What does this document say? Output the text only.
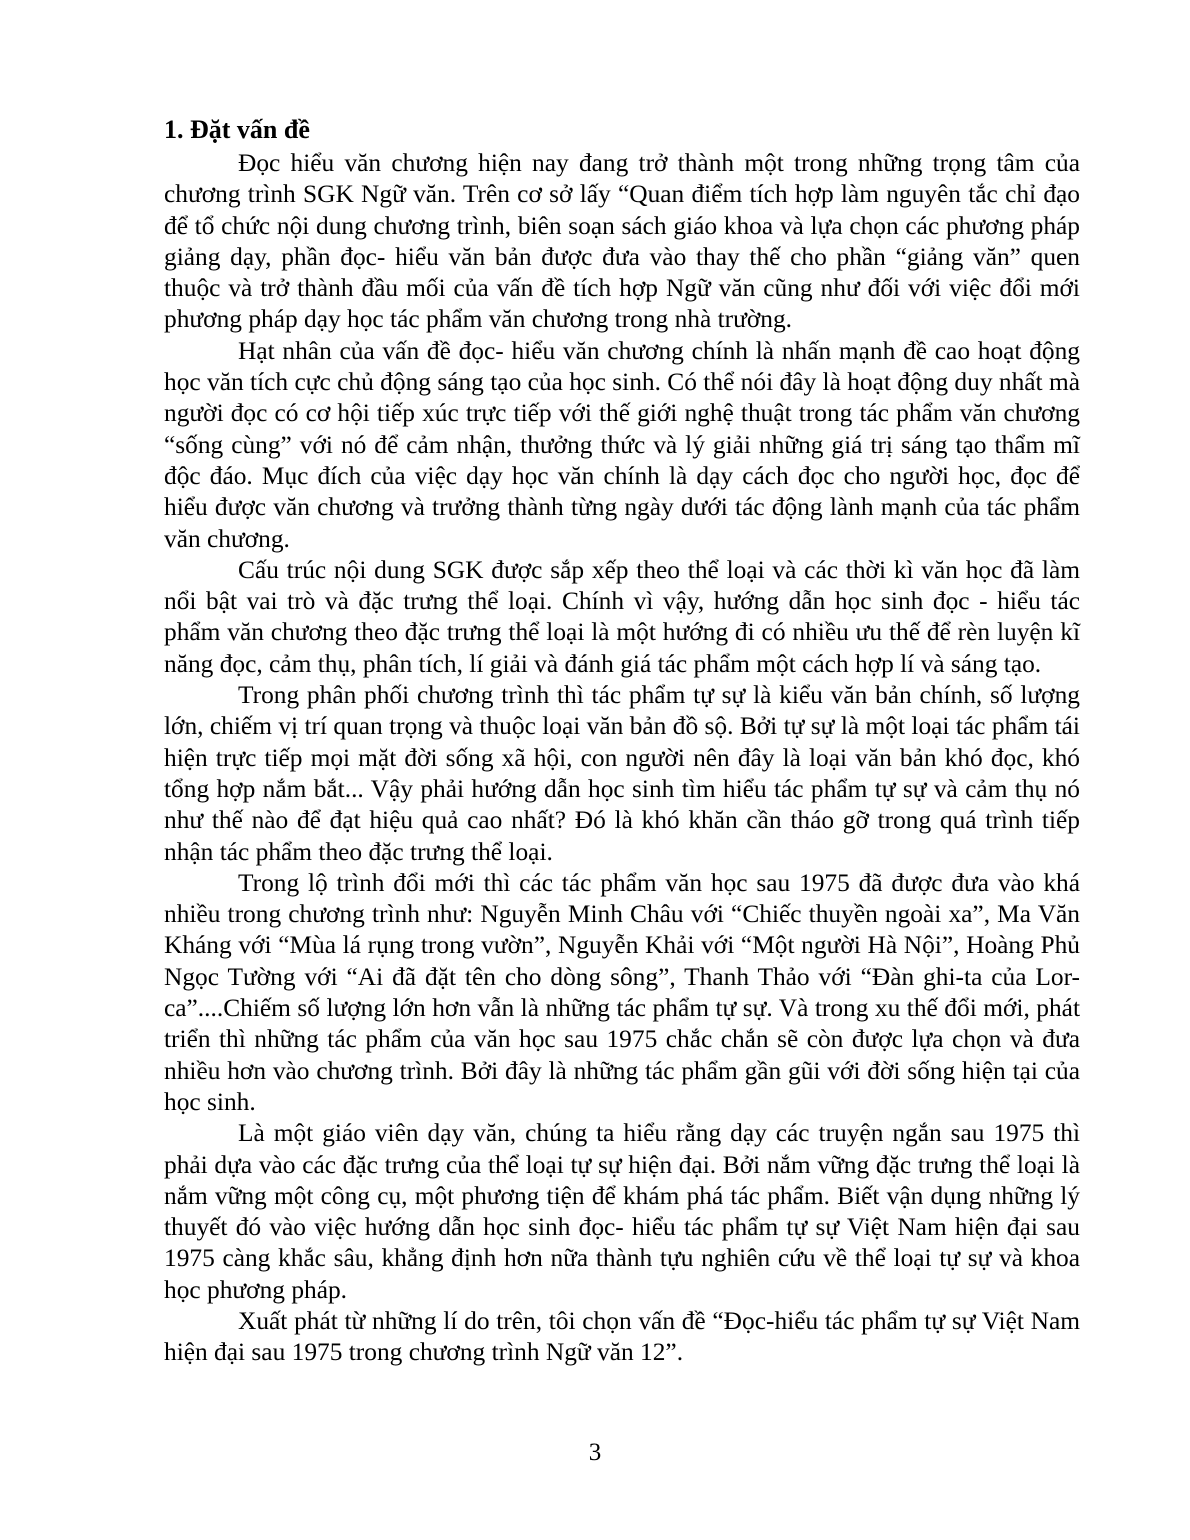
1. Đặt vấn đề

Đọc hiểu văn chương hiện nay đang trở thành một trong những trọng tâm của chương trình SGK Ngữ văn. Trên cơ sở lấy “Quan điểm tích hợp làm nguyên tắc chỉ đạo để tổ chức nội dung chương trình, biên soạn sách giáo khoa và lựa chọn các phương pháp giảng dạy, phần đọc- hiểu văn bản được đưa vào thay thế cho phần “giảng văn” quen thuộc và trở thành đầu mối của vấn đề tích hợp Ngữ văn cũng như đối với việc đổi mới phương pháp dạy học tác phẩm văn chương trong nhà trường.

Hạt nhân của vấn đề đọc- hiểu văn chương chính là nhấn mạnh đề cao hoạt động học văn tích cực chủ động sáng tạo của học sinh. Có thể nói đây là hoạt động duy nhất mà người đọc có cơ hội tiếp xúc trực tiếp với thế giới nghệ thuật trong tác phẩm văn chương “sống cùng” với nó để cảm nhận, thưởng thức và lý giải những giá trị sáng tạo thẩm mĩ độc đáo. Mục đích của việc dạy học văn chính là dạy cách đọc cho người học, đọc để hiểu được văn chương và trưởng thành từng ngày dưới tác động lành mạnh của tác phẩm văn chương.

Cấu trúc nội dung SGK được sắp xếp theo thể loại và các thời kì văn học đã làm nổi bật vai trò và đặc trưng thể loại. Chính vì vậy, hướng dẫn học sinh đọc - hiểu tác phẩm văn chương theo đặc trưng thể loại là một hướng đi có nhiều ưu thế để rèn luyện kĩ năng đọc, cảm thụ, phân tích, lí giải và đánh giá tác phẩm một cách hợp lí và sáng tạo.

Trong phân phối chương trình thì tác phẩm tự sự là kiểu văn bản chính, số lượng lớn, chiếm vị trí quan trọng và thuộc loại văn bản đồ sộ. Bởi tự sự là một loại tác phẩm tái hiện trực tiếp mọi mặt đời sống xã hội, con người nên đây là loại văn bản khó đọc, khó tổng hợp nắm bắt... Vậy phải hướng dẫn học sinh tìm hiểu tác phẩm tự sự và cảm thụ nó như thế nào để đạt hiệu quả cao nhất? Đó là khó khăn cần tháo gỡ trong quá trình tiếp nhận tác phẩm theo đặc trưng thể loại.

Trong lộ trình đổi mới thì các tác phẩm văn học sau 1975 đã được đưa vào khá nhiều trong chương trình như: Nguyễn Minh Châu với “Chiếc thuyền ngoài xa”, Ma Văn Kháng với “Mùa lá rụng trong vườn”, Nguyễn Khải với “Một người Hà Nội”, Hoàng Phủ Ngọc Tường với “Ai đã đặt tên cho dòng sông”, Thanh Thảo với “Đàn ghi-ta của Lor-ca”....Chiếm số lượng lớn hơn vẫn là những tác phẩm tự sự. Và trong xu thế đổi mới, phát triển thì những tác phẩm của văn học sau 1975 chắc chắn sẽ còn được lựa chọn và đưa nhiều hơn vào chương trình. Bởi đây là những tác phẩm gần gũi với đời sống hiện tại của học sinh.

Là một giáo viên dạy văn, chúng ta hiểu rằng dạy các truyện ngắn sau 1975 thì phải dựa vào các đặc trưng của thể loại tự sự hiện đại. Bởi nắm vững đặc trưng thể loại là nắm vững một công cụ, một phương tiện để khám phá tác phẩm. Biết vận dụng những lý thuyết đó vào việc hướng dẫn học sinh đọc- hiểu tác phẩm tự sự Việt Nam hiện đại sau 1975 càng khắc sâu, khẳng định hơn nữa thành tựu nghiên cứu về thể loại tự sự và khoa học phương pháp.

Xuất phát từ những lí do trên, tôi chọn vấn đề “Đọc-hiểu tác phẩm tự sự Việt Nam hiện đại sau 1975 trong chương trình Ngữ văn 12”.

3
